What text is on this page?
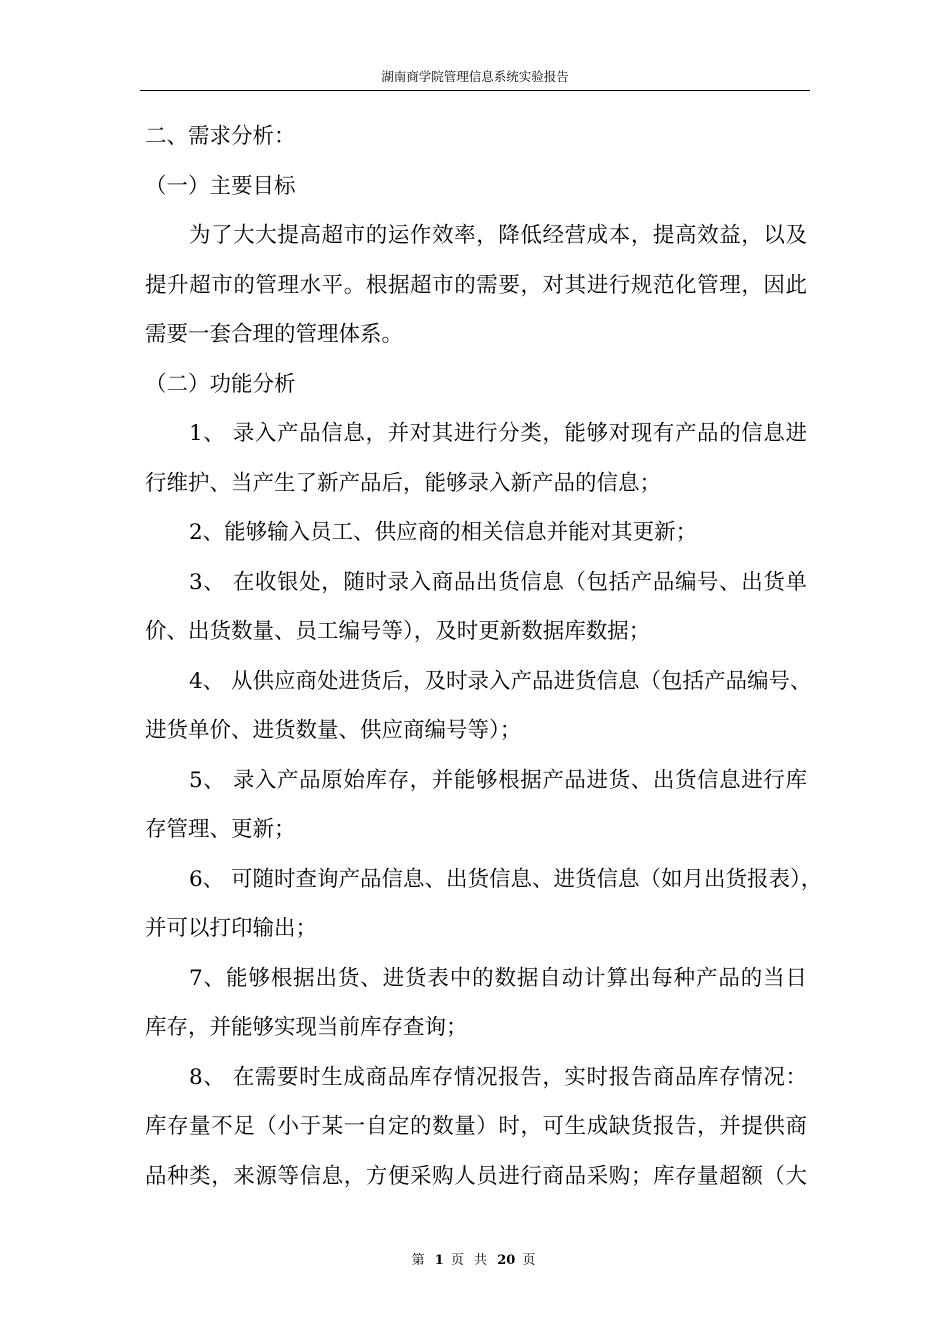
湖南商学院管理信息系统实验报告
二、需求分析：
（一）主要目标
为了大大提高超市的运作效率，降低经营成本，提高效益，以及
提升超市的管理水平。根据超市的需要，对其进行规范化管理，因此
需要一套合理的管理体系。
（二）功能分析
1、 录入产品信息，并对其进行分类，能够对现有产品的信息进
行维护、当产生了新产品后，能够录入新产品的信息；
2、能够输入员工、供应商的相关信息并能对其更新；
3、 在收银处，随时录入商品出货信息（包括产品编号、出货单
价、出货数量、员工编号等），及时更新数据库数据；
4、 从供应商处进货后，及时录入产品进货信息（包括产品编号、
进货单价、进货数量、供应商编号等）；
5、 录入产品原始库存，并能够根据产品进货、出货信息进行库
存管理、更新；
6、 可随时查询产品信息、出货信息、进货信息（如月出货报表），
并可以打印输出；
7、能够根据出货、进货表中的数据自动计算出每种产品的当日
库存，并能够实现当前库存查询；
8、 在需要时生成商品库存情况报告，实时报告商品库存情况：
库存量不足（小于某一自定的数量）时，可生成缺货报告，并提供商
品种类，来源等信息，方便采购人员进行商品采购；库存量超额（大
第 1 页 共 20 页
